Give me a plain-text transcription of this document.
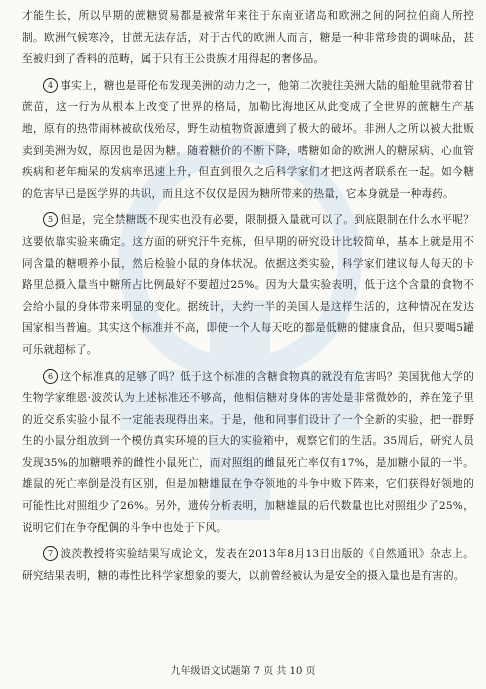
才能生长，所以早期的蔗糖贸易都是被常年来往于东南亚诸岛和欧洲之间的阿拉伯商人所控制。欧洲气候寒冷，甘蔗无法存活，对于古代的欧洲人而言，糖是一种非常珍贵的调味品，甚至被归到了香料的范畴，属于只有王公贵族才用得起的奢侈品。

4 事实上，糖也是哥伦布发现美洲的动力之一，他第二次驶往美洲大陆的船舱里就带着甘蔗苗，这一行为从根本上改变了世界的格局，加勒比海地区从此变成了全世界的蔗糖生产基地，原有的热带雨林被砍伐殆尽，野生动植物资源遭到了极大的破坏。非洲人之所以被大批贩卖到美洲为奴，原因也是因为糖。随着糖价的不断下降，嗜糖如命的欧洲人的糖尿病、心血管疾病和老年痴呆的发病率迅速上升，但直到很久之后科学家们才把这两者联系在一起。如今糖的危害早已是医学界的共识，而且这不仅仅是因为糖所带来的热量，它本身就是一种毒药。

5 但是，完全禁糖既不现实也没有必要，限制摄入量就可以了。到底限制在什么水平呢？这要依靠实验来确定。这方面的研究汗牛充栋，但早期的研究设计比较简单，基本上就是用不同含量的糖喂养小鼠，然后检验小鼠的身体状况。依据这类实验，科学家们建议每人每天的卡路里总摄入量当中糖所占比例最好不要超过25%。因为大量实验表明，低于这个含量的食物不会给小鼠的身体带来明显的变化。据统计，大约一半的美国人是这样生活的，这种情况在发达国家相当普遍。其实这个标准并不高，即使一个人每天吃的都是低糖的健康食品，但只要喝5罐可乐就超标了。

6 这个标准真的足够了吗？低于这个标准的含糖食物真的就没有危害吗？美国犹他大学的生物学家维恩·波茨认为上述标准还不够高，他相信糖对身体的害处是非常微妙的，养在笼子里的近交系实验小鼠不一定能表现得出来。于是，他和同事们设计了一个全新的实验，把一群野生的小鼠分组放到一个模仿真实环境的巨大的实验箱中，观察它们的生活。35周后，研究人员发现35%的加糖喂养的雌性小鼠死亡，而对照组的雌鼠死亡率仅有17%，是加糖小鼠的一半。雄鼠的死亡率倒是没有区别，但是加糖雄鼠在争夺领地的斗争中败下阵来，它们获得好领地的可能性比对照组少了26%。另外，遗传分析表明，加糖雄鼠的后代数量也比对照组少了25%，说明它们在争夺配偶的斗争中也处于下风。

7 波茨教授将实验结果写成论文，发表在2013年8月13日出版的《自然通讯》杂志上。研究结果表明，糖的毒性比科学家想象的要大，以前曾经被认为是安全的摄入量也是有害的。

九年级语文试题第 7 页 共 10 页
